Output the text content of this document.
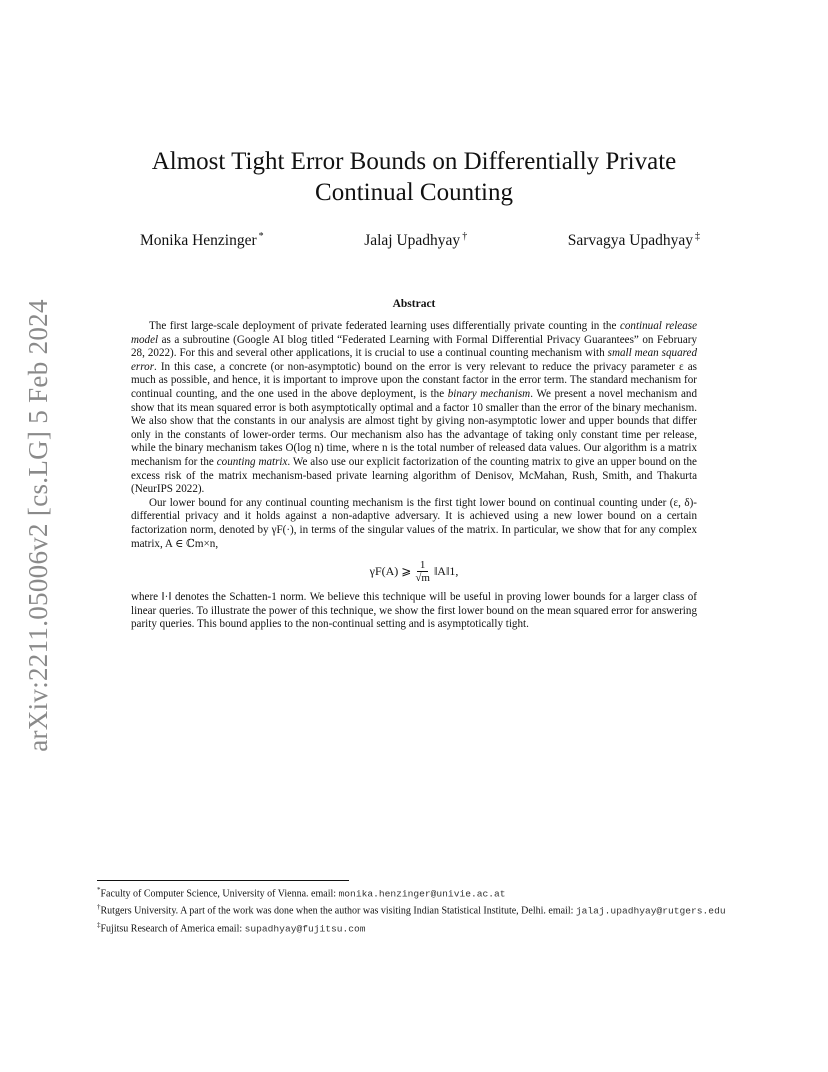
arXiv:2211.05006v2 [cs.LG] 5 Feb 2024
Almost Tight Error Bounds on Differentially Private Continual Counting
Monika Henzinger *	Jalaj Upadhyay †	Sarvagya Upadhyay ‡
Abstract

The first large-scale deployment of private federated learning uses differentially private counting in the continual release model as a subroutine (Google AI blog titled “Federated Learning with Formal Differential Privacy Guarantees” on February 28, 2022). For this and several other applications, it is crucial to use a continual counting mechanism with small mean squared error. In this case, a concrete (or non-asymptotic) bound on the error is very relevant to reduce the privacy parameter ε as much as possible, and hence, it is important to improve upon the constant factor in the error term. The standard mechanism for continual counting, and the one used in the above deployment, is the binary mechanism. We present a novel mechanism and show that its mean squared error is both asymptotically optimal and a factor 10 smaller than the error of the binary mechanism. We also show that the constants in our analysis are almost tight by giving non-asymptotic lower and upper bounds that differ only in the constants of lower-order terms. Our mechanism also has the advantage of taking only constant time per release, while the binary mechanism takes O(log n) time, where n is the total number of released data values. Our algorithm is a matrix mechanism for the counting matrix. We also use our explicit factorization of the counting matrix to give an upper bound on the excess risk of the matrix mechanism-based private learning algorithm of Denisov, McMahan, Rush, Smith, and Thakurta (NeurIPS 2022).

Our lower bound for any continual counting mechanism is the first tight lower bound on continual counting under (ε, δ)-differential privacy and it holds against a non-adaptive adversary. It is achieved using a new lower bound on a certain factorization norm, denoted by γF(·), in terms of the singular values of the matrix. In particular, we show that for any complex matrix, A ∈ ℂm×n,

γF(A) ⩾ $\frac{1}{√m}$ ‖A‖1,

where ‖·‖ denotes the Schatten-1 norm. We believe this technique will be useful in proving lower bounds for a larger class of linear queries. To illustrate the power of this technique, we show the first lower bound on the mean squared error for answering parity queries. This bound applies to the non-continual setting and is asymptotically tight.

*Faculty of Computer Science, University of Vienna. email: monika.henzinger@univie.ac.at

†Rutgers University. A part of the work was done when the author was visiting Indian Statistical Institute, Delhi. email: jalaj.upadhyay@rutgers.edu

‡Fujitsu Research of America email: supadhyay@fujitsu.com
